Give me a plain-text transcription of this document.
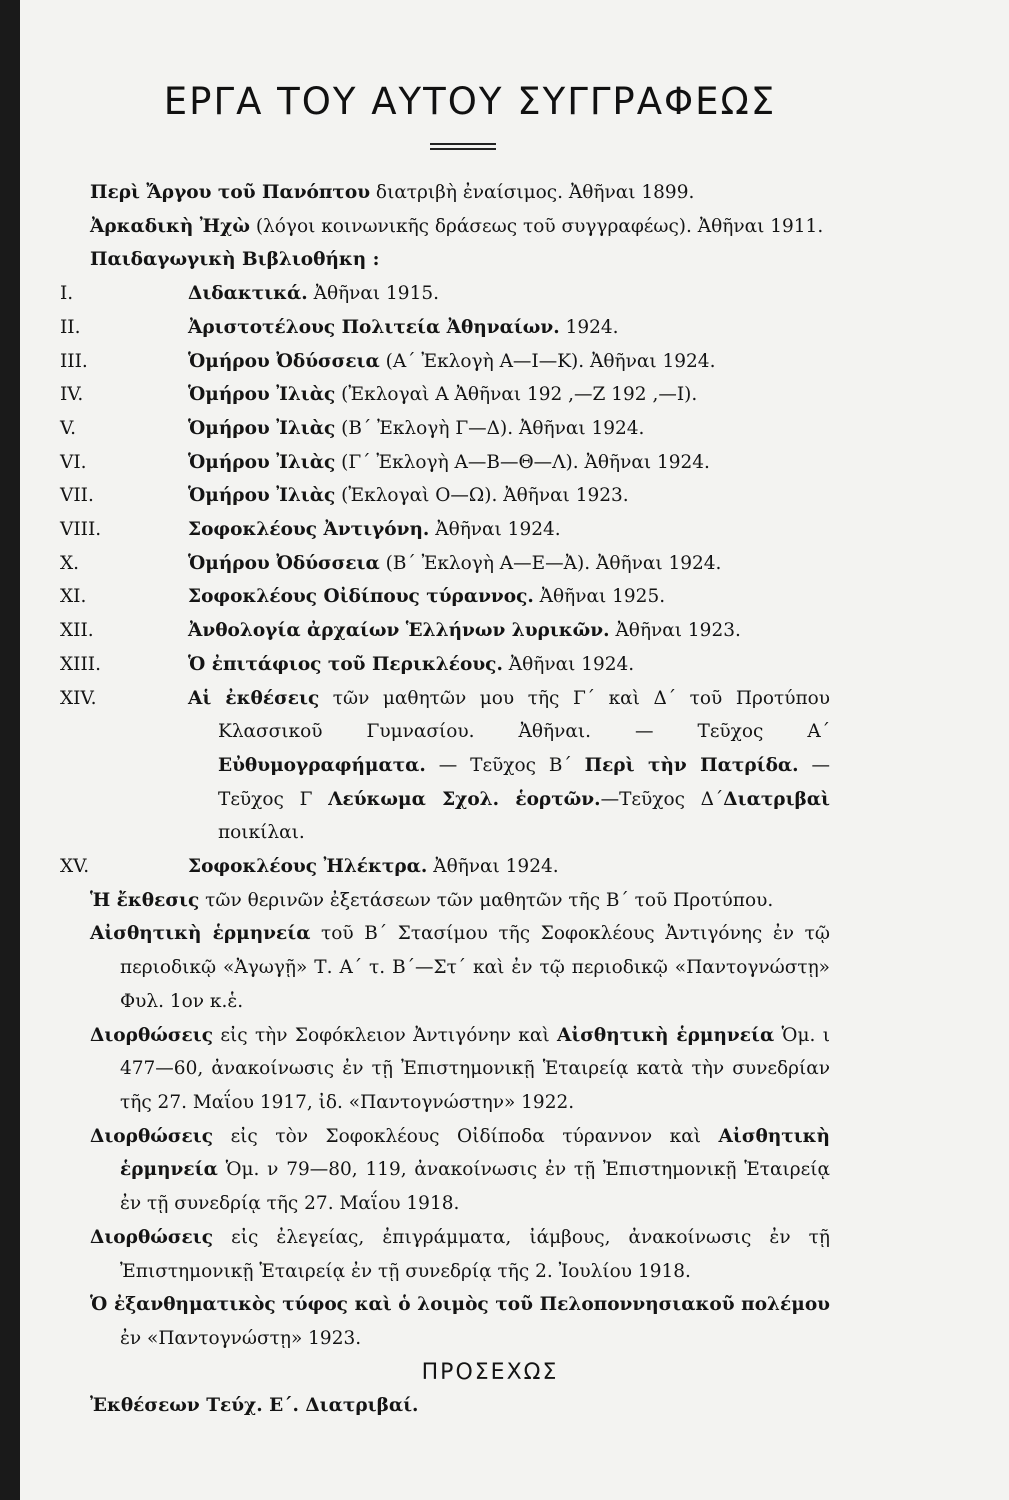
ΕΡΓΑ ΤΟΥ ΑΥΤΟΥ ΣΥΓΓΡΑΦΕΩΣ
Περὶ Ἄργου τοῦ Πανόπτου διατριβὴ ἐναίσιμος. Ἀθῆναι 1899.
Ἀρκαδικὴ Ἠχὼ (λόγοι κοινωνικῆς δράσεως τοῦ συγγραφέως). Ἀθῆναι 1911.
Παιδαγωγικὴ Βιβλιοθήκη :
I.	Διδακτικά. Ἀθῆναι 1915.
II.	Ἀριστοτέλους Πολιτεία Ἀθηναίων. 1924.
III.	Ὁμήρου Ὀδύσσεια (Α´ Ἐκλογὴ Α—Ι—Κ). Ἀθῆναι 1924.
IV.	Ὁμήρου Ἰλιὰς (Ἐκλογαὶ Α Ἀθῆναι 192 ,—Ζ 192 ,—Ι).
V.	Ὁμήρου Ἰλιὰς (Β´ Ἐκλογὴ Γ—Δ). Ἀθῆναι 1924.
VI.	Ὁμήρου Ἰλιὰς (Γ´ Ἐκλογὴ Α—Β—Θ—Λ). Ἀθῆναι 1924.
VII.	Ὁμήρου Ἰλιὰς (Ἐκλογαὶ Ο—Ω). Ἀθῆναι 1923.
VIII.	Σοφοκλέους Ἀντιγόνη. Ἀθῆναι 1924.
X.	Ὁμήρου Ὀδύσσεια (Β´ Ἐκλογὴ Α—Ε—Ἀ). Ἀθῆναι 1924.
XI.	Σοφοκλέους Οἰδίπους τύραννος. Ἀθῆναι 1925.
XII.	Ἀνθολογία ἀρχαίων Ἑλλήνων λυρικῶν. Ἀθῆναι 1923.
XIII.	Ὁ ἐπιτάφιος τοῦ Περικλέους. Ἀθῆναι 1924.
XIV.	Αἱ ἐκθέσεις τῶν μαθητῶν μου τῆς Γ´ καὶ Δ´ τοῦ Προτύπου Κλασσικοῦ Γυμνασίου. Ἀθῆναι. — Τεῦχος Α´ Εὐθυμογραφήματα. — Τεῦχος Β´ Περὶ τὴν Πατρίδα. — Τεῦχος Γ Λεύκωμα Σχολ. ἑορτῶν.—Τεῦχος Δ´Διατριβαὶ ποικίλαι.
XV.	Σοφοκλέους Ἠλέκτρα. Ἀθῆναι 1924.
Ἡ ἔκθεσις τῶν θερινῶν ἐξετάσεων τῶν μαθητῶν τῆς Β´ τοῦ Προτύπου.
Αἰσθητικὴ ἑρμηνεία τοῦ Β´ Στασίμου τῆς Σοφοκλέους Ἀντιγόνης ἐν τῷ περιοδικῷ «Ἀγωγῇ» Τ. Α´ τ. Β´—Στ´ καὶ ἐν τῷ περιοδικῷ «Παντογνώστῃ» Φυλ. 1ον κ.ἑ.
Διορθώσεις εἰς τὴν Σοφόκλειον Ἀντιγόνην καὶ Αἰσθητικὴ ἑρμηνεία Ὁμ. ι 477—60, ἀνακοίνωσις ἐν τῇ Ἐπιστημονικῇ Ἑταιρείᾳ κατὰ τὴν συνεδρίαν τῆς 27. Μαΐου 1917, ἰδ. «Παντογνώστην» 1922.
Διορθώσεις εἰς τὸν Σοφοκλέους Οἰδίποδα τύραννον καὶ Αἰσθητικὴ ἑρμηνεία Ὁμ. ν 79—80, 119, ἀνακοίνωσις ἐν τῇ Ἐπιστημονικῇ Ἑταιρείᾳ ἐν τῇ συνεδρίᾳ τῆς 27. Μαΐου 1918.
Διορθώσεις εἰς ἐλεγείας, ἐπιγράμματα, ἰάμβους, ἀνακοίνωσις ἐν τῇ Ἐπιστημονικῇ Ἑταιρείᾳ ἐν τῇ συνεδρίᾳ τῆς 2. Ἰουλίου 1918.
Ὁ ἐξανθηματικὸς τύφος καὶ ὁ λοιμὸς τοῦ Πελοποννησιακοῦ πολέμου ἐν «Παντογνώστῃ» 1923.
ΠΡΟΣΕΧΩΣ
Ἐκθέσεων Τεύχ. Ε´. Διατριβαί.
